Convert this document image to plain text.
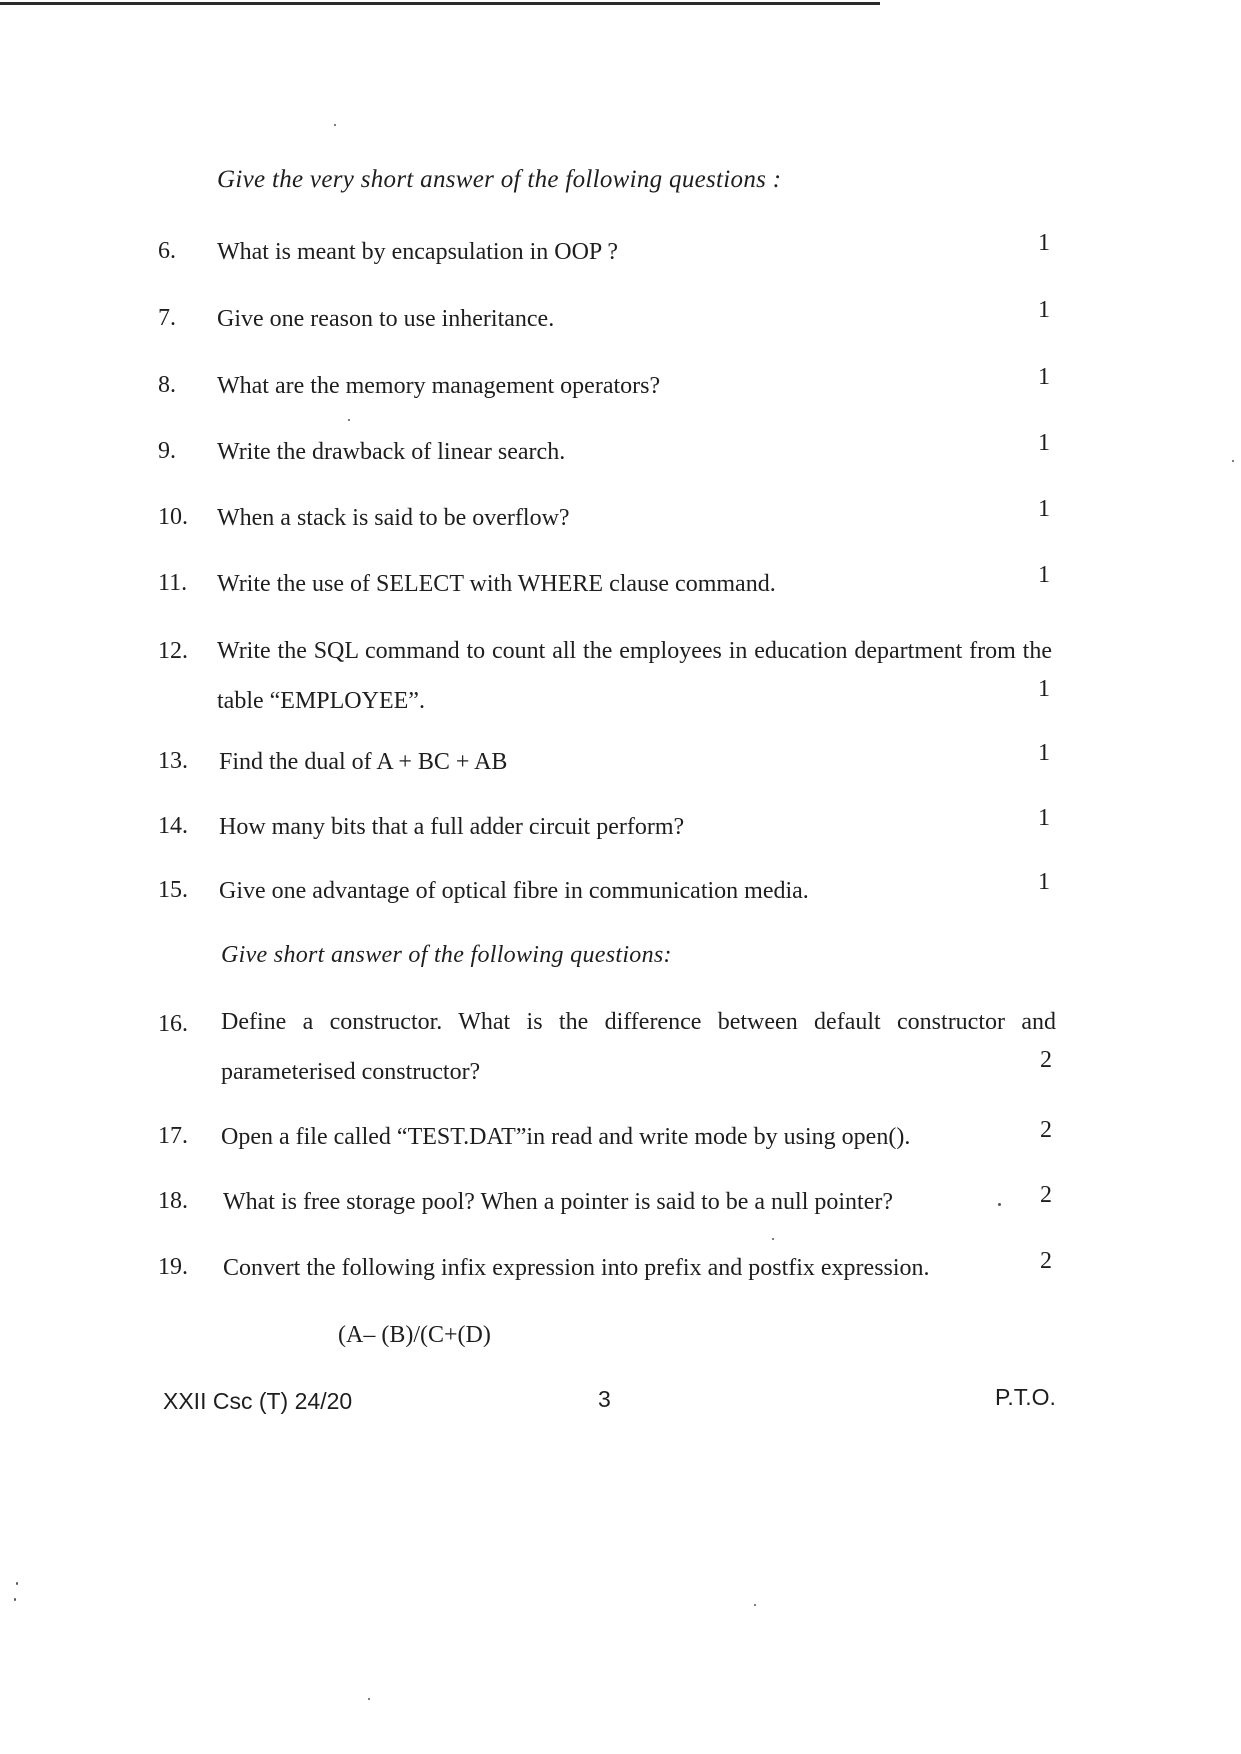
Give the very short answer of the following questions :
6. What is meant by encapsulation in OOP ?	1
7. Give one reason to use inheritance.	1
8. What are the memory management operators?	1
9. Write the drawback of linear search.	1
10. When a stack is said to be overflow?	1
11. Write the use of SELECT with WHERE clause command.	1
12. Write the SQL command to count all the employees in education department from the table “EMPLOYEE”.	1
13. Find the dual of A + BC + AB	1
14. How many bits that a full adder circuit perform?	1
15. Give one advantage of optical fibre in communication media.	1
Give short answer of the following questions:
16. Define a constructor. What is the difference between default constructor and parameterised constructor?	2
17. Open a file called “TEST.DAT”in read and write mode by using open().	2
18. What is free storage pool? When a pointer is said to be a null pointer?	2
19. Convert the following infix expression into prefix and postfix expression.	2
(A– (B)/(C+(D)
XXII Csc (T) 24/20	3	P.T.O.
